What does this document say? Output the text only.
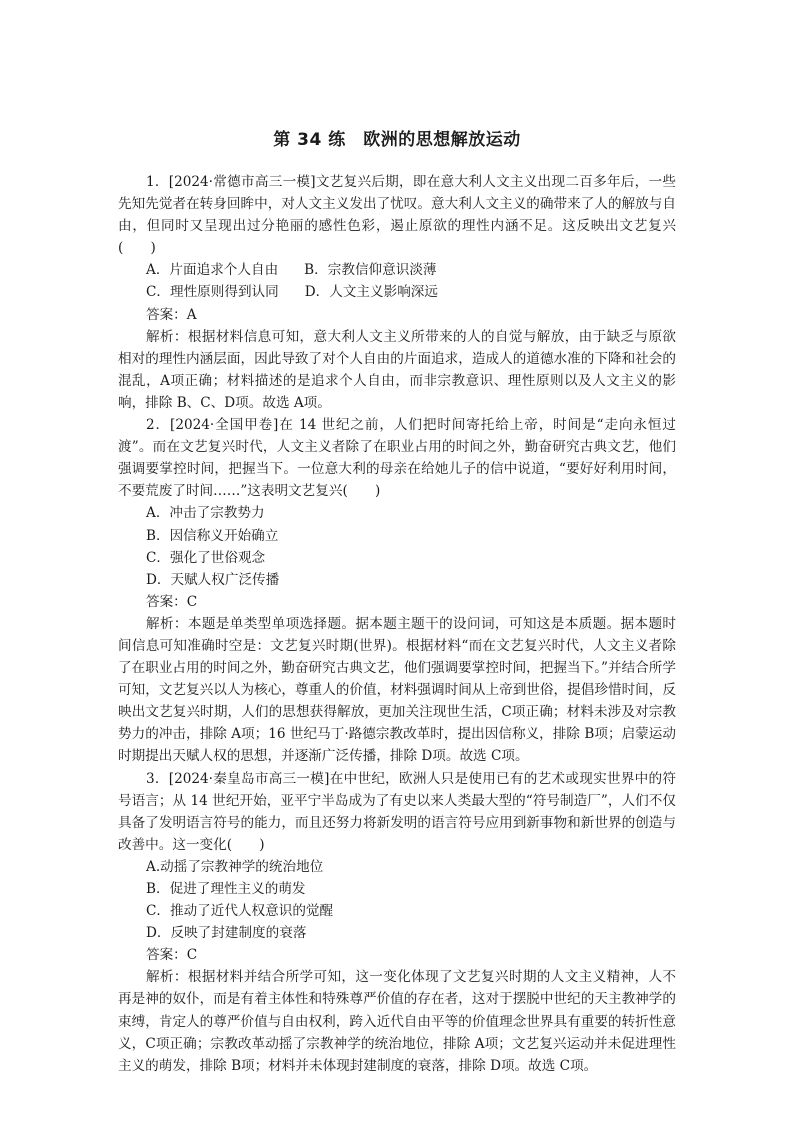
第 34 练　欧洲的思想解放运动

1．[2024·常德市高三一模]文艺复兴后期，即在意大利人文主义出现二百多年后，一些先知先觉者在转身回眸中，对人文主义发出了忧叹。意大利人文主义的确带来了人的解放与自由，但同时又呈现出过分艳丽的感性色彩，遏止原欲的理性内涵不足。这反映出文艺复兴(　　)

A．片面追求个人自由 B．宗教信仰意识淡薄

C．理性原则得到认同 D．人文主义影响深远

答案：A

解析：根据材料信息可知，意大利人文主义所带来的人的自觉与解放，由于缺乏与原欲相对的理性内涵层面，因此导致了对个人自由的片面追求，造成人的道德水准的下降和社会的混乱，A项正确；材料描述的是追求个人自由，而非宗教意识、理性原则以及人文主义的影响，排除 B、C、D项。故选 A项。

2．[2024·全国甲卷]在 14 世纪之前，人们把时间寄托给上帝，时间是“走向永恒过渡”。而在文艺复兴时代，人文主义者除了在职业占用的时间之外，勤奋研究古典文艺，他们强调要掌控时间，把握当下。一位意大利的母亲在给她儿子的信中说道，“要好好利用时间，不要荒废了时间……”这表明文艺复兴(　　)

A．冲击了宗教势力

B．因信称义开始确立

C．强化了世俗观念

D．天赋人权广泛传播

答案：C

解析：本题是单类型单项选择题。据本题主题干的设问词，可知这是本质题。据本题时间信息可知准确时空是：文艺复兴时期(世界)。根据材料“而在文艺复兴时代，人文主义者除了在职业占用的时间之外，勤奋研究古典文艺，他们强调要掌控时间，把握当下。”并结合所学可知，文艺复兴以人为核心，尊重人的价值，材料强调时间从上帝到世俗，提倡珍惜时间，反映出文艺复兴时期，人们的思想获得解放，更加关注现世生活，C项正确；材料未涉及对宗教势力的冲击，排除 A项；16 世纪马丁·路德宗教改革时，提出因信称义，排除 B项；启蒙运动时期提出天赋人权的思想，并逐渐广泛传播，排除 D项。故选 C项。

3．[2024·秦皇岛市高三一模]在中世纪，欧洲人只是使用已有的艺术或现实世界中的符号语言；从 14 世纪开始，亚平宁半岛成为了有史以来人类最大型的“符号制造厂”，人们不仅具备了发明语言符号的能力，而且还努力将新发明的语言符号应用到新事物和新世界的创造与改善中。这一变化(　　)

A.动摇了宗教神学的统治地位

B．促进了理性主义的萌发

C．推动了近代人权意识的觉醒

D．反映了封建制度的衰落

答案：C

解析：根据材料并结合所学可知，这一变化体现了文艺复兴时期的人文主义精神，人不再是神的奴仆，而是有着主体性和特殊尊严价值的存在者，这对于摆脱中世纪的天主教神学的束缚，肯定人的尊严价值与自由权利，跨入近代自由平等的价值理念世界具有重要的转折性意义，C项正确；宗教改革动摇了宗教神学的统治地位，排除 A项；文艺复兴运动并未促进理性主义的萌发，排除 B项；材料并未体现封建制度的衰落，排除 D项。故选 C项。
